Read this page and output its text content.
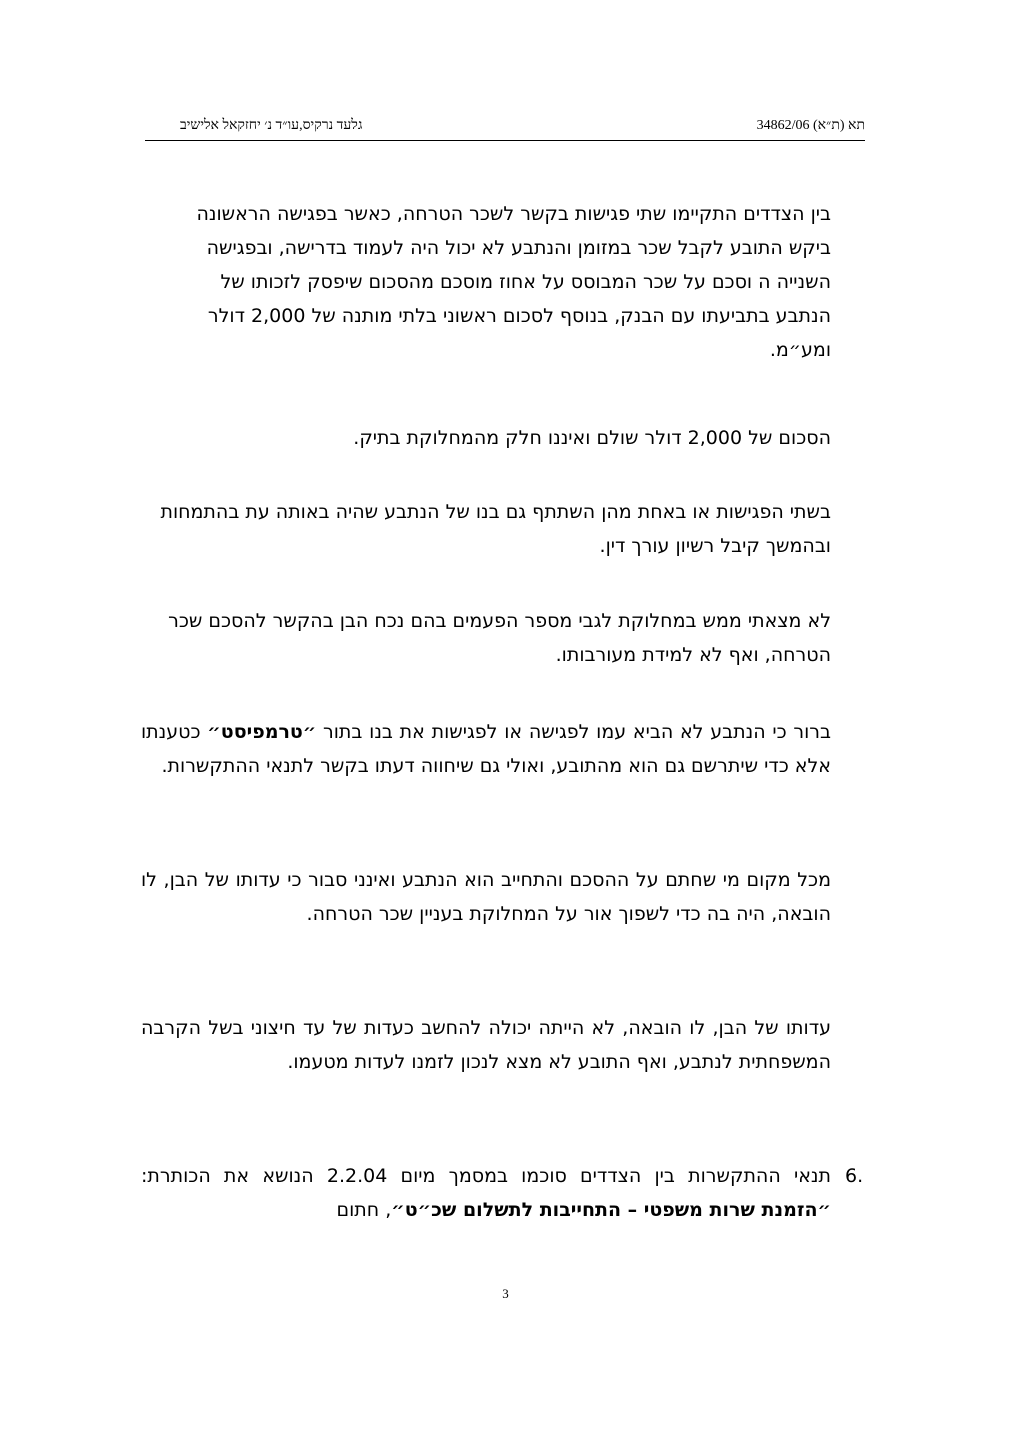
תא (ת״א) 34862/06
גלעד נרקיס,עו״ד נ׳ יחזקאל אלישיב

בין הצדדים התקיימו שתי פגישות בקשר לשכר הטרחה, כאשר בפגישה הראשונה ביקש התובע לקבל שכר במזומן והנתבע לא יכול היה לעמוד בדרישה, ובפגישה השנייה ה וסכם על שכר המבוסס על אחוז מוסכם מהסכום שיפסק לזכותו של הנתבע בתביעתו עם הבנק, בנוסף לסכום ראשוני בלתי מותנה של 2,000 דולר ומע״מ.

הסכום של 2,000 דולר שולם ואיננו חלק מהמחלוקת בתיק.

בשתי הפגישות או באחת מהן השתתף גם בנו של הנתבע שהיה באותה עת בהתמחות ובהמשך קיבל רשיון עורך דין.

לא מצאתי ממש במחלוקת לגבי מספר הפעמים בהם נכח הבן בהקשר להסכם שכר הטרחה, ואף לא למידת מעורבותו.

ברור כי הנתבע לא הביא עמו לפגישה או לפגישות את בנו בתור ״טרמפיסט״ כטענתו אלא כדי שיתרשם גם הוא מהתובע, ואולי גם שיחווה דעתו בקשר לתנאי ההתקשרות.

מכל מקום מי שחתם על ההסכם והתחייב הוא הנתבע ואינני סבור כי עדותו של הבן, לו הובאה, היה בה כדי לשפוך אור על המחלוקת בעניין שכר הטרחה.

עדותו של הבן, לו הובאה, לא הייתה יכולה להחשב כעדות של עד חיצוני בשל הקרבה המשפחתית לנתבע, ואף התובע לא מצא לנכון לזמנו לעדות מטעמו.

6.

תנאי ההתקשרות בין הצדדים סוכמו במסמך מיום 2.2.04 הנושא את הכותרת: ״הזמנת שרות משפטי – התחייבות לתשלום שכ״ט״, חתום

3
